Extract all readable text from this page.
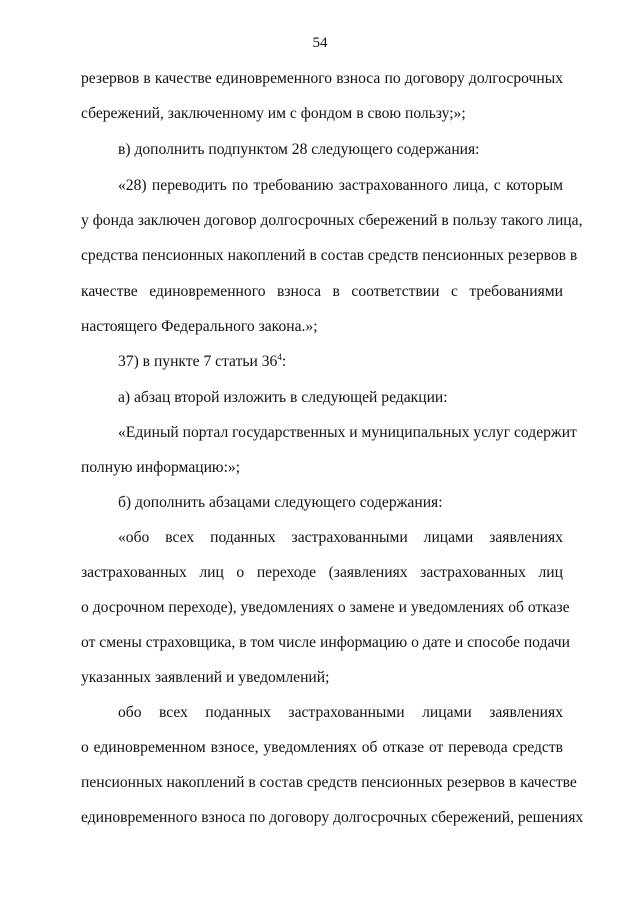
54
резервов в качестве единовременного взноса по договору долгосрочных
сбережений, заключенному им с фондом в свою пользу;»;
в) дополнить подпунктом 28 следующего содержания:
«28) переводить по требованию застрахованного лица, с которым
у фонда заключен договор долгосрочных сбережений в пользу такого лица,
средства пенсионных накоплений в состав средств пенсионных резервов в
качестве единовременного взноса в соответствии с требованиями
настоящего Федерального закона.»;
37) в пункте 7 статьи $36^4$:
а) абзац второй изложить в следующей редакции:
«Единый портал государственных и муниципальных услуг содержит
полную информацию:»;
б) дополнить абзацами следующего содержания:
«обо всех поданных застрахованными лицами заявлениях
застрахованных лиц о переходе (заявлениях застрахованных лиц
о досрочном переходе), уведомлениях о замене и уведомлениях об отказе
от смены страховщика, в том числе информацию о дате и способе подачи
указанных заявлений и уведомлений;
обо всех поданных застрахованными лицами заявлениях
о единовременном взносе, уведомлениях об отказе от перевода средств
пенсионных накоплений в состав средств пенсионных резервов в качестве
единовременного взноса по договору долгосрочных сбережений, решениях
